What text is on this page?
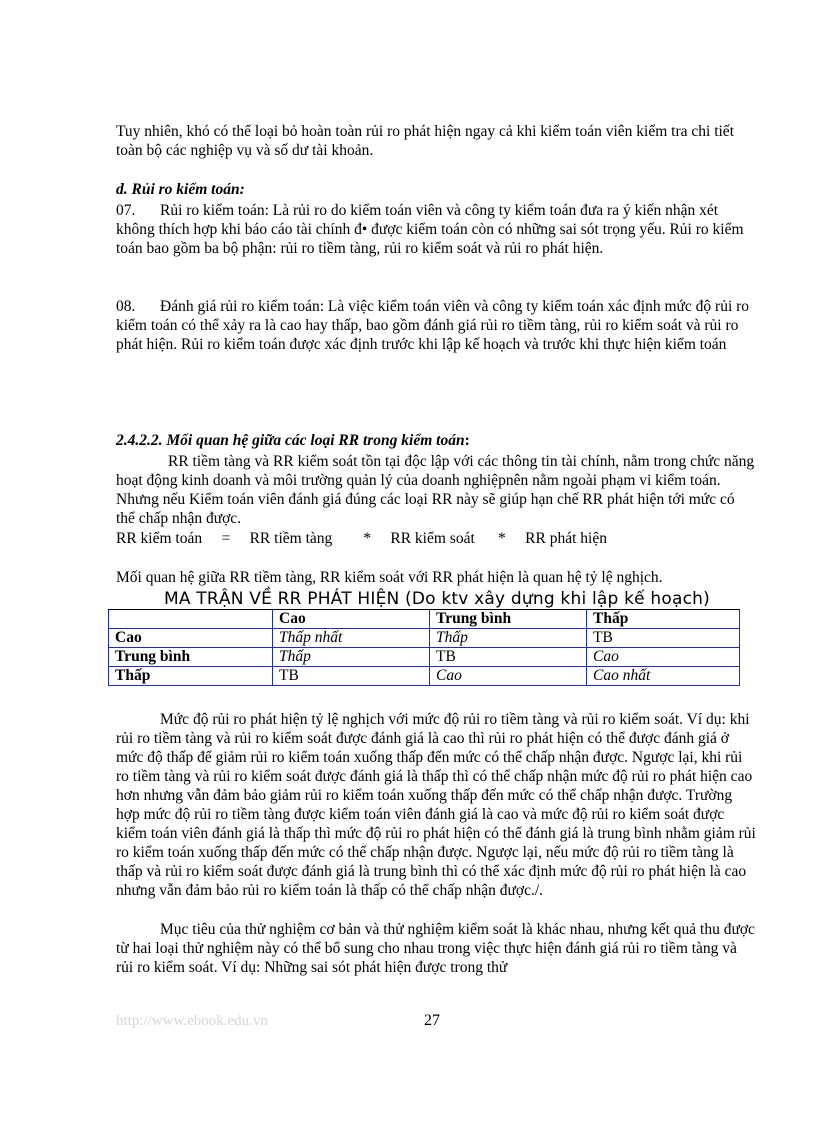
Tuy nhiên, khó có thể loại bỏ hoàn toàn rủi ro phát hiện ngay cả khi kiểm toán viên kiểm tra chi tiết toàn bộ các nghiệp vụ và số dư tài khoản.

d. Rủi ro kiểm toán:

07. Rủi ro kiểm toán: Là rủi ro do kiểm toán viên và công ty kiểm toán đưa ra ý kiến nhận xét không thích hợp khi báo cáo tài chính đ• được kiểm toán còn có những sai sót trọng yếu. Rủi ro kiểm toán bao gồm ba bộ phận: rủi ro tiềm tàng, rủi ro kiểm soát và rủi ro phát hiện.

08. Đánh giá rủi ro kiểm toán: Là việc kiểm toán viên và công ty kiểm toán xác định mức độ rủi ro kiểm toán có thể xảy ra là cao hay thấp, bao gồm đánh giá rủi ro tiềm tàng, rủi ro kiểm soát và rủi ro phát hiện. Rủi ro kiểm toán được xác định trước khi lập kế hoạch và trước khi thực hiện kiểm toán

2.4.2.2. Mối quan hệ giữa các loại RR trong kiểm toán:

RR tiềm tàng và RR kiểm soát tồn tại độc lập với các thông tin tài chính, nằm trong chức năng hoạt động kinh doanh và môi trường quản lý của doanh nghiệpnên nằm ngoài phạm vi kiểm toán. Nhưng nếu Kiểm toán viên đánh giá đúng các loại RR này sẽ giúp hạn chế RR phát hiện tới mức có thể chấp nhận được.

RR kiểm toán     =     RR tiềm tàng        *     RR kiểm soát      *     RR phát hiện

Mối quan hệ giữa RR tiềm tàng, RR kiểm soát với RR phát hiện là quan hệ tỷ lệ nghịch.

MA TRẬN VỀ RR PHÁT HIỆN (Do ktv xây dựng khi lập kế hoạch)
	Cao	Trung bình	Thấp
Cao	Thấp nhất	Thấp	TB
Trung bình	Thấp	TB	Cao
Thấp	TB	Cao	Cao nhất

Mức độ rủi ro phát hiện tỷ lệ nghịch với mức độ rủi ro tiềm tàng và rủi ro kiểm soát. Ví dụ: khi rủi ro tiềm tàng và rủi ro kiểm soát được đánh giá là cao thì rủi ro phát hiện có thể được đánh giá ở mức độ thấp để giảm rủi ro kiểm toán xuống thấp đến mức có thể chấp nhận được. Ngược lại, khi rủi ro tiềm tàng và rủi ro kiểm soát được đánh giá là thấp thì có thể chấp nhận mức độ rủi ro phát hiện cao hơn nhưng vẫn đảm bảo giảm rủi ro kiểm toán xuống thấp đến mức có thể chấp nhận được. Trường hợp mức độ rủi ro tiềm tàng được kiểm toán viên đánh giá là cao và mức độ rủi ro kiểm soát được kiểm toán viên đánh giá là thấp thì mức độ rủi ro phát hiện có thể đánh giá là trung bình nhằm giảm rủi ro kiểm toán xuống thấp đến mức có thể chấp nhận được. Ngược lại, nếu mức độ rủi ro tiềm tàng là thấp và rủi ro kiểm soát được đánh giá là trung bình thì có thể xác định mức độ rủi ro phát hiện là cao nhưng vẫn đảm bảo rủi ro kiểm toán là thấp có thể chấp nhận được./.

Mục tiêu của thử nghiệm cơ bản và thử nghiệm kiểm soát là khác nhau, nhưng kết quả thu được từ hai loại thử nghiệm này có thể bổ sung cho nhau trong việc thực hiện đánh giá rủi ro tiềm tàng và rủi ro kiểm soát. Ví dụ: Những sai sót phát hiện được trong thử

http://www.ebook.edu.vn	27
